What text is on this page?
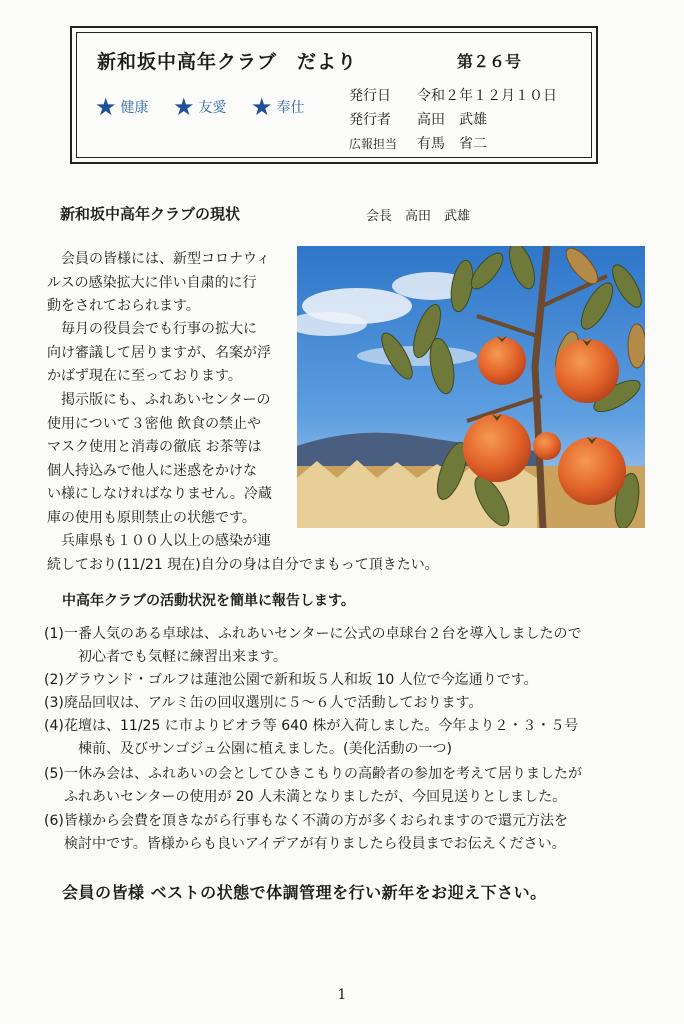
新和坂中高年クラブ　だより	第２６号
★ 健康 ★ 友愛 ★ 奉仕
発行日 令和２年１２月１０日
発行者 高田　武雄
広報担当 有馬　省二
新和坂中高年クラブの現状	会長　高田　武雄
会員の皆様には、新型コロナウィ
ルスの感染拡大に伴い自粛的に行
動をされておられます。
毎月の役員会でも行事の拡大に
向け審議して居りますが、名案が浮
かばず現在に至っております。
掲示版にも、ふれあいセンターの
使用について３密他 飲食の禁止や
マスク使用と消毒の徹底 お茶等は
個人持込みで他人に迷惑をかけな
い様にしなければなりません。冷蔵
庫の使用も原則禁止の状態です。
兵庫県も１００人以上の感染が連
続しており(11/21 現在)自分の身は自分でまもって頂きたい。
中高年クラブの活動状況を簡単に報告します。
(1)一番人気のある卓球は、ふれあいセンターに公式の卓球台２台を導入しましたので
初心者でも気軽に練習出来ます。
(2)グラウンド・ゴルフは蓮池公園で新和坂５人和坂 10 人位で今迄通りです。
(3)廃品回収は、アルミ缶の回収選別に５〜６人で活動しております。
(4)花壇は、11/25 に市よりビオラ等 640 株が入荷しました。今年より２・３・５号
棟前、及びサンゴジュ公園に植えました。(美化活動の一つ)
(5)一休み会は、ふれあいの会としてひきこもりの高齢者の参加を考えて居りましたが
ふれあいセンターの使用が 20 人未満となりましたが、今回見送りとしました。
(6)皆様から会費を頂きながら行事もなく不満の方が多くおられますので還元方法を
検討中です。皆様からも良いアイデアが有りましたら役員までお伝えください。
会員の皆様 ベストの状態で体調管理を行い新年をお迎え下さい。
1
